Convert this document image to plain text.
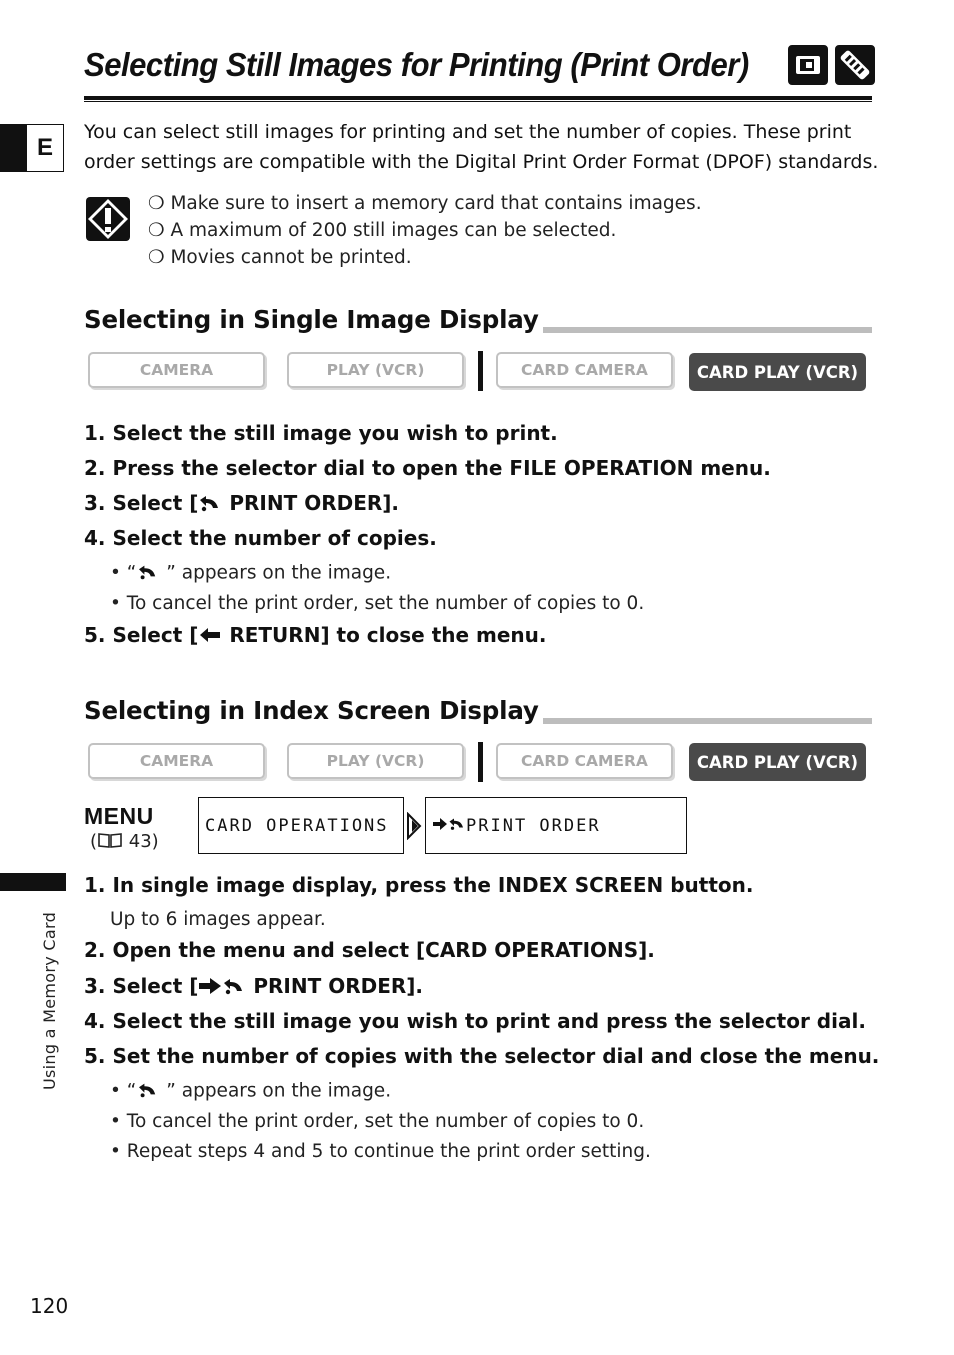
Selecting Still Images for Printing (Print Order)
E
You can select still images for printing and set the number of copies. These print order settings are compatible with the Digital Print Order Format (DPOF) standards.
❍ Make sure to insert a memory card that contains images.
❍ A maximum of 200 still images can be selected.
❍ Movies cannot be printed.
Selecting in Single Image Display
CAMERA	PLAY (VCR)	CARD CAMERA	CARD PLAY (VCR)
1. Select the still image you wish to print.
2. Press the selector dial to open the FILE OPERATION menu.
3. Select [ PRINT ORDER].
4. Select the number of copies.
• “ ” appears on the image.
• To cancel the print order, set the number of copies to 0.
5. Select [ RETURN] to close the menu.
Selecting in Index Screen Display
CAMERA	PLAY (VCR)	CARD CAMERA	CARD PLAY (VCR)
MENU
( 43)
CARD OPERATIONS	PRINT ORDER
1. In single image display, press the INDEX SCREEN button.
Up to 6 images appear.
2. Open the menu and select [CARD OPERATIONS].
3. Select [ PRINT ORDER].
4. Select the still image you wish to print and press the selector dial.
5. Set the number of copies with the selector dial and close the menu.
• “ ” appears on the image.
• To cancel the print order, set the number of copies to 0.
• Repeat steps 4 and 5 to continue the print order setting.
Using a Memory Card
120
